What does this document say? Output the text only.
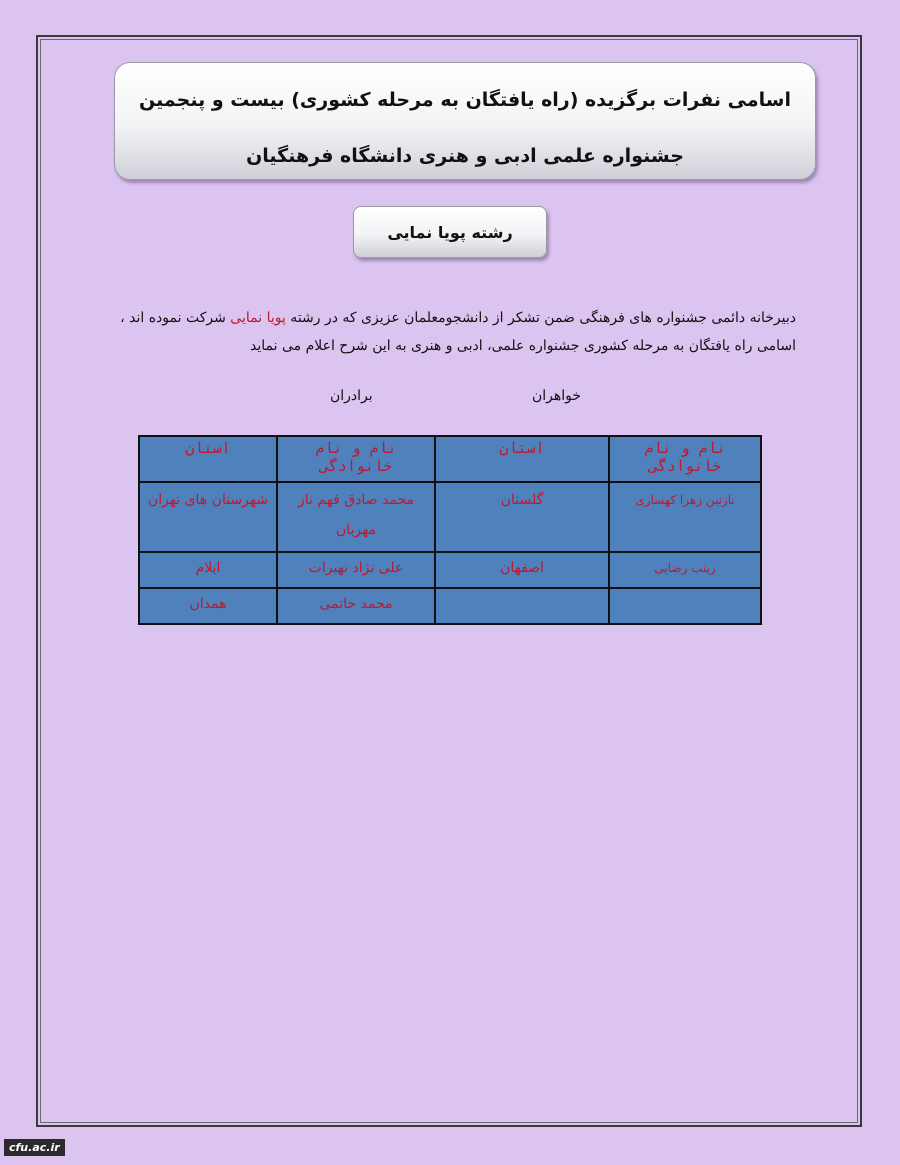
اسامی نفرات برگزیده (راه یافتگان به مرحله کشوری) بیست و پنجمین
جشنواره علمی ادبی و هنری دانشگاه فرهنگیان
رشته پویا نمایی
دبیرخانه دائمی جشنواره های فرهنگی ضمن تشکر از دانشجومعلمان عزیزی که در رشته پویا نمایی شرکت نموده اند ،
اسامی راه یافتگان به مرحله کشوری جشنواره علمی، ادبی و هنری به این شرح اعلام می نماید
خواهران
برادران
نام و نام خانوادگی	استان	نام و نام خانوادگی	استان
نازنین زهرا کهساری	گلستان	محمد صادق فهم ناز مهربان	شهرستان های تهران
زینب رضایی	اصفهان	علی نژاد نهیرات	ایلام
		محمد حاتمی	همدان
cfu.ac.ir
